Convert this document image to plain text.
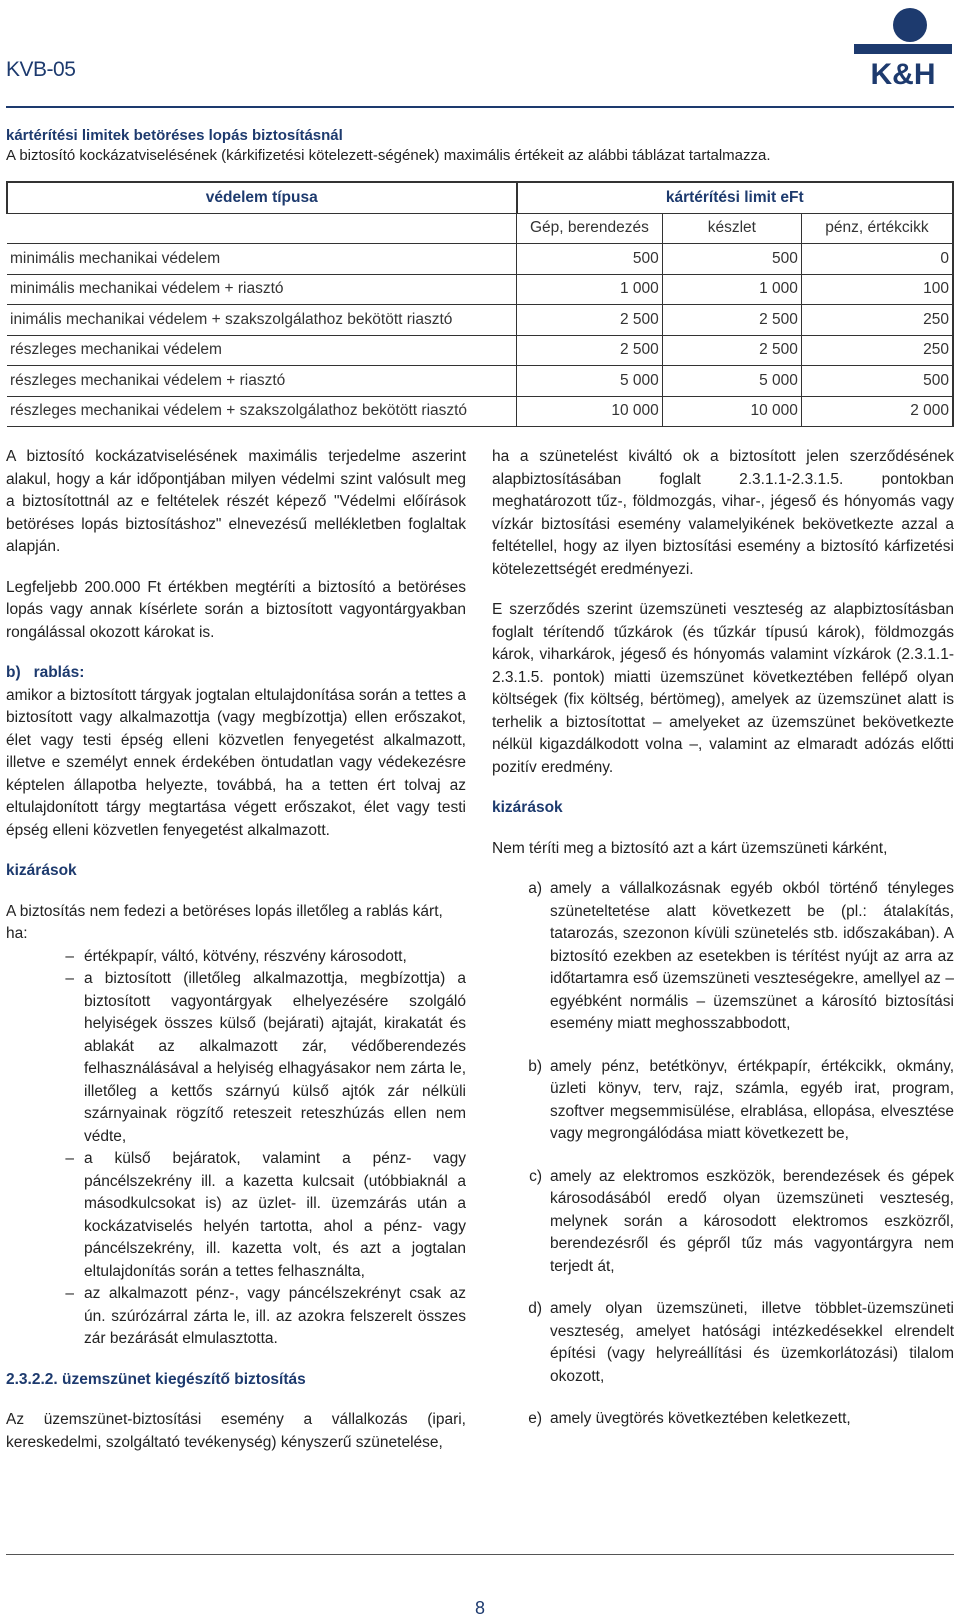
KVB-05	K&H
kártérítési limitek betöréses lopás biztosításnál
A biztosító kockázatviselésének (kárkifizetési kötelezett-ségének) maximális értékeit az alábbi táblázat tartalmazza.
védelem típusa	kártérítési limit eFt		
	Gép, berendezés	készlet	pénz, értékcikk
minimális mechanikai védelem	500	500	0
minimális mechanikai védelem + riasztó	1 000	1 000	100
inimális mechanikai védelem + szakszolgálathoz bekötött riasztó	2 500	2 500	250
részleges mechanikai védelem	2 500	2 500	250
részleges mechanikai védelem + riasztó	5 000	5 000	500
részleges mechanikai védelem + szakszolgálathoz bekötött riasztó	10 000	10 000	2 000

A biztosító kockázatviselésének maximális terjedelme aszerint alakul, hogy a kár időpontjában milyen védelmi szint valósult meg a biztosítottnál az e feltételek részét képező "Védelmi előírások betöréses lopás biztosításhoz" elnevezésű mellékletben foglaltak alapján.

Legfeljebb 200.000 Ft értékben megtéríti a biztosító a betöréses lopás vagy annak kísérlete során a biztosított vagyontárgyakban rongálással okozott károkat is.

b) rablás:

amikor a biztosított tárgyak jogtalan eltulajdonítása során a tettes a biztosított vagy alkalmazottja (vagy megbízottja) ellen erőszakot, élet vagy testi épség elleni közvetlen fenyegetést alkalmazott, illetve e személyt ennek érdekében öntudatlan vagy védekezésre képtelen állapotba helyezte, továbbá, ha a tetten ért tolvaj az eltulajdonított tárgy megtartása végett erőszakot, élet vagy testi épség elleni közvetlen fenyegetést alkalmazott.

kizárások

A biztosítás nem fedezi a betöréses lopás illetőleg a rablás kárt, ha:

– értékpapír, váltó, kötvény, részvény károsodott,
– a biztosított (illetőleg alkalmazottja, megbízottja) a biztosított vagyontárgyak elhelyezésére szolgáló helyiségek összes külső (bejárati) ajtaját, kirakatát és ablakát az alkalmazott zár, védőberendezés felhasználásával a helyiség elhagyásakor nem zárta le, illetőleg a kettős szárnyú külső ajtók zár nélküli szárnyainak rögzítő reteszeit reteszhúzás ellen nem védte,
– a külső bejáratok, valamint a pénz- vagy páncélszekrény ill. a kazetta kulcsait (utóbbiaknál a másodkulcsokat is) az üzlet- ill. üzemzárás után a kockázatviselés helyén tartotta, ahol a pénz- vagy páncélszekrény, ill. kazetta volt, és azt a jogtalan eltulajdonítás során a tettes felhasználta,
– az alkalmazott pénz-, vagy páncélszekrényt csak az ún. szúrózárral zárta le, ill. az azokra felszerelt összes zár bezárását elmulasztotta.
2.3.2.2. üzemszünet kiegészítő biztosítás

Az üzemszünet-biztosítási esemény a vállalkozás (ipari, kereskedelmi, szolgáltató tevékenység) kényszerű szünetelése,

ha a szünetelést kiváltó ok a biztosított jelen szerződésének alapbiztosításában foglalt 2.3.1.1-2.3.1.5. pontokban meghatározott tűz-, földmozgás, vihar-, jégeső és hónyomás vagy vízkár biztosítási esemény valamelyikének bekövetkezte azzal a feltétellel, hogy az ilyen biztosítási esemény a biztosító kárfizetési kötelezettségét eredményezi.

E szerződés szerint üzemszüneti veszteség az alapbiztosításban foglalt térítendő tűzkárok (és tűzkár típusú károk), földmozgás károk, viharkárok, jégeső és hónyomás valamint vízkárok (2.3.1.1-2.3.1.5. pontok) miatti üzemszünet következtében fellépő olyan költségek (fix költség, bértömeg), amelyek az üzemszünet alatt is terhelik a biztosítottat – amelyeket az üzemszünet bekövetkezte nélkül kigazdálkodott volna –, valamint az elmaradt adózás előtti pozitív eredmény.

kizárások

Nem téríti meg a biztosító azt a kárt üzemszüneti kárként,

a) amely a vállalkozásnak egyéb okból történő tényleges szüneteltetése alatt következett be (pl.: átalakítás, tatarozás, szezonon kívüli szünetelés stb. időszakában). A biztosító ezekben az esetekben is térítést nyújt az arra az időtartamra eső üzemszüneti veszteségekre, amellyel az – egyébként normális – üzemszünet a károsító biztosítási esemény miatt meghosszabbodott,
b) amely pénz, betétkönyv, értékpapír, értékcikk, okmány, üzleti könyv, terv, rajz, számla, egyéb irat, program, szoftver megsemmisülése, elrablása, ellopása, elvesztése vagy megrongálódása miatt következett be,
c) amely az elektromos eszközök, berendezések és gépek károsodásából eredő olyan üzemszüneti veszteség, melynek során a károsodott elektromos eszközről, berendezésről és gépről tűz más vagyontárgyra nem terjedt át,
d) amely olyan üzemszüneti, illetve többlet-üzemszüneti veszteség, amelyet hatósági intézkedésekkel elrendelt építési (vagy helyreállítási és üzemkorlátozási) tilalom okozott,
e) amely üvegtörés következtében keletkezett,
8
